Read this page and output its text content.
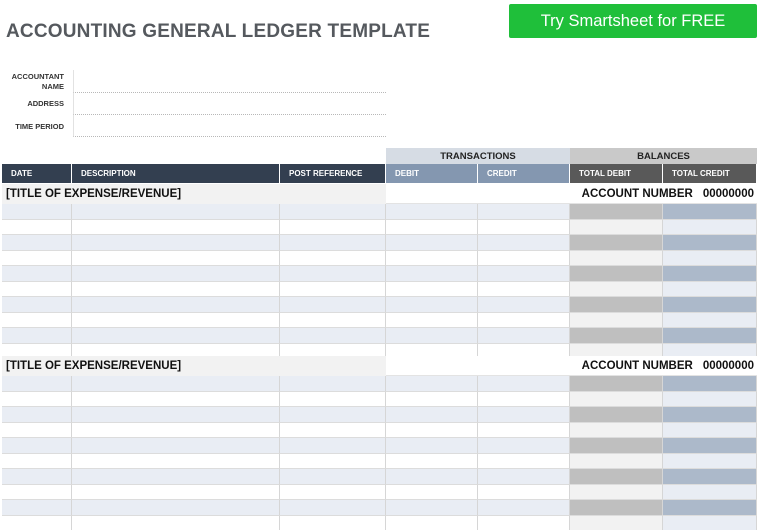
ACCOUNTING GENERAL LEDGER TEMPLATE
Try Smartsheet for FREE
ACCOUNTANT NAME
ADDRESS
TIME PERIOD
TRANSACTIONS	BALANCES
DATE	DESCRIPTION	POST REFERENCE	DEBIT	CREDIT	TOTAL DEBIT	TOTAL CREDIT
[TITLE OF EXPENSE/REVENUE]	ACCOUNT NUMBER 00000000
[TITLE OF EXPENSE/REVENUE]	ACCOUNT NUMBER 00000000
